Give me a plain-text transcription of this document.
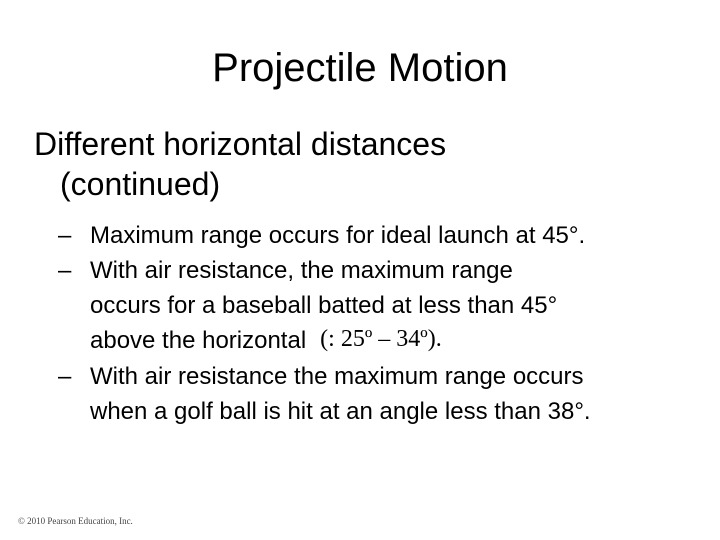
Projectile Motion
Different horizontal distances
(continued)
– Maximum range occurs for ideal launch at 45°.
– With air resistance, the maximum range
occurs for a baseball batted at less than 45°
above the horizontal (: 25º – 34º).
– With air resistance the maximum range occurs
when a golf ball is hit at an angle less than 38°.
© 2010 Pearson Education, Inc.
